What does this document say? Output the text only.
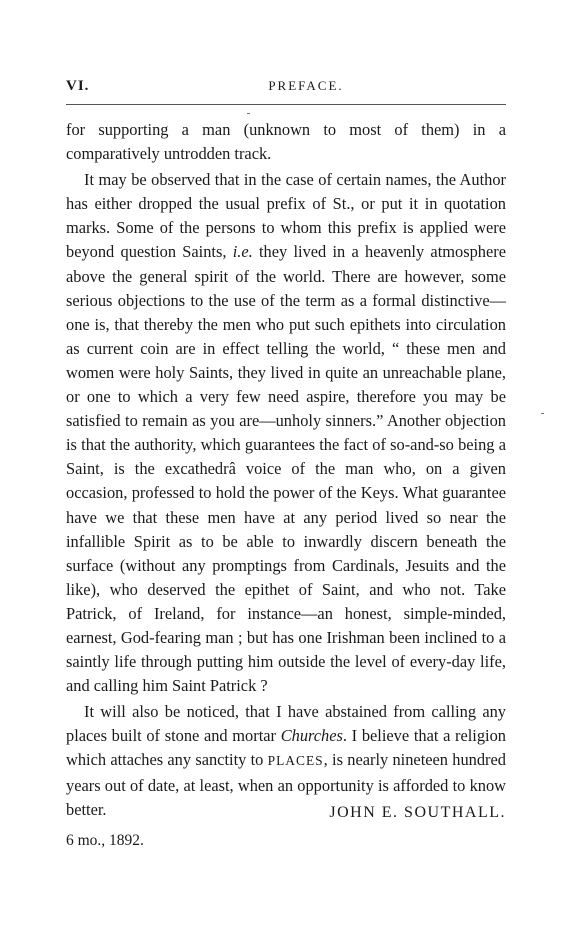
VI.	PREFACE.

for supporting a man (unknown to most of them) in a comparatively untrodden track.

It may be observed that in the case of certain names, the Author has either dropped the usual prefix of St., or put it in quotation marks. Some of the persons to whom this prefix is applied were beyond question Saints, i.e. they lived in a heavenly atmosphere above the general spirit of the world. There are however, some serious objections to the use of the term as a formal distinctive—one is, that thereby the men who put such epithets into circulation as current coin are in effect telling the world, “ these men and women were holy Saints, they lived in quite an unreachable plane, or one to which a very few need aspire, therefore you may be satisfied to remain as you are—unholy sinners.” Another objection is that the authority, which guarantees the fact of so-and-so being a Saint, is the excathedrâ voice of the man who, on a given occasion, professed to hold the power of the Keys. What guarantee have we that these men have at any period lived so near the infallible Spirit as to be able to inwardly discern beneath the surface (without any promptings from Cardinals, Jesuits and the like), who deserved the epithet of Saint, and who not. Take Patrick, of Ireland, for instance—an honest, simple-minded, earnest, God-fearing man ; but has one Irishman been inclined to a saintly life through putting him outside the level of every-day life, and calling him Saint Patrick ?

It will also be noticed, that I have abstained from calling any places built of stone and mortar Churches. I believe that a religion which attaches any sanctity to PLACES, is nearly nineteen hundred years out of date, at least, when an opportunity is afforded to know better.	JOHN E. SOUTHALL.
6 mo., 1892.
